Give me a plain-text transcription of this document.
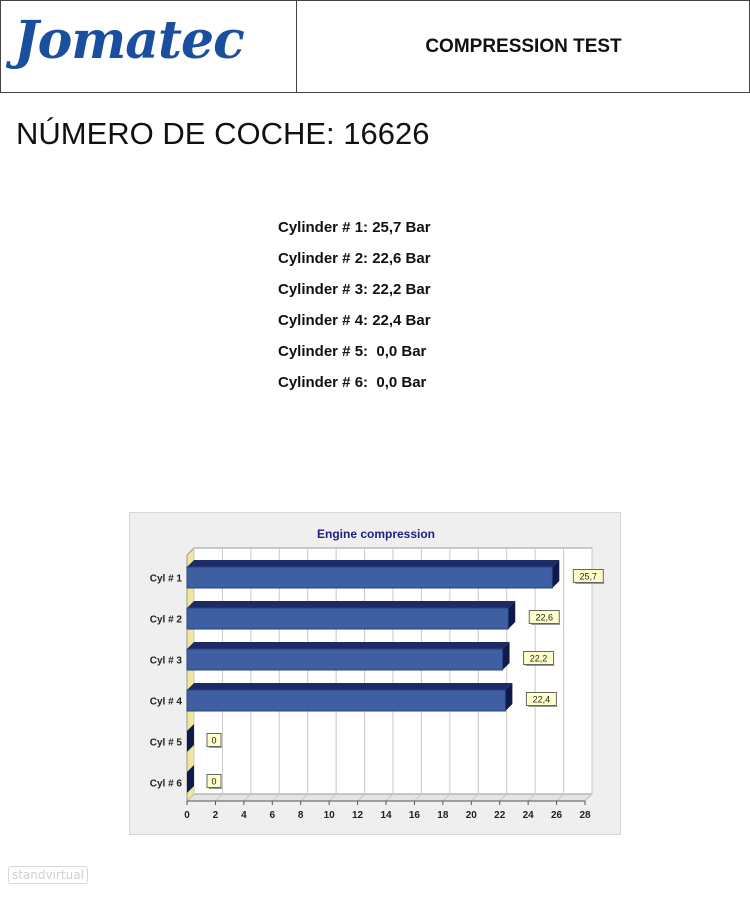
Jomatec	COMPRESSION TEST
NÚMERO DE COCHE: 16626
Cylinder # 1: 25,7 Bar
Cylinder # 2: 22,6 Bar
Cylinder # 3: 22,2 Bar
Cylinder # 4: 22,4 Bar
Cylinder # 5:  0,0 Bar
Cylinder # 6:  0,0 Bar
0 2 4 6 8 10 12 14 16 18 20 22 24 26 28
Engine compression
Cyl # 1	25,7
Cyl # 2	22,6
Cyl # 3	22,2
Cyl # 4	22,4
Cyl # 5	0
Cyl # 6	0
standvirtual
